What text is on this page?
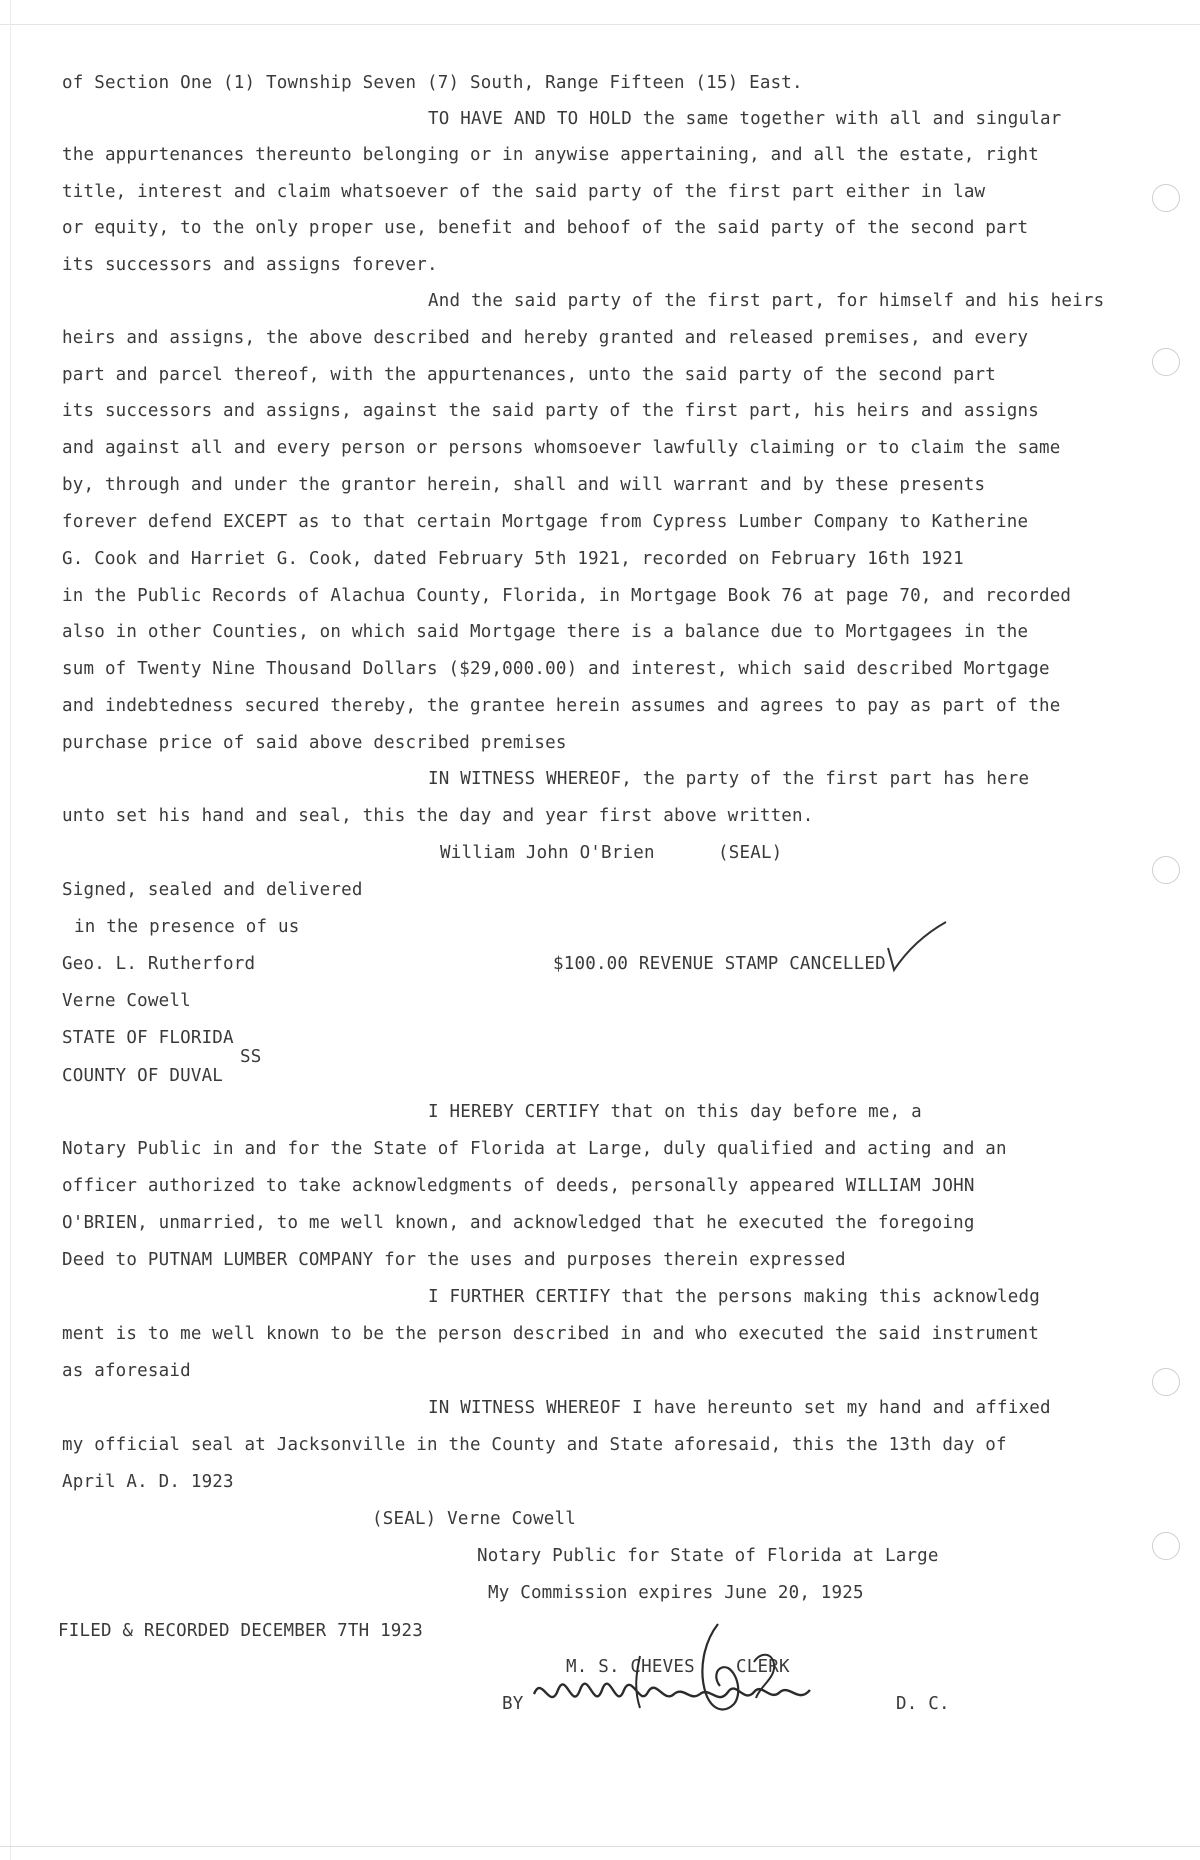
of Section One (1) Township Seven (7) South, Range Fifteen (15) East.
TO HAVE AND TO HOLD the same together with all and singular
the appurtenances thereunto belonging or in anywise appertaining, and all the estate, right
title, interest and claim whatsoever of the said party of the first part either in law
or equity, to the only proper use, benefit and behoof of the said party of the second part
its successors and assigns forever.
And the said party of the first part, for himself and his heirs
heirs and assigns, the above described and hereby granted and released premises, and every
part and parcel thereof, with the appurtenances, unto the said party of the second part
its successors and assigns, against the said party of the first part, his heirs and assigns
and against all and every person or persons whomsoever lawfully claiming or to claim the same
by, through and under the grantor herein, shall and will warrant and by these presents
forever defend EXCEPT as to that certain Mortgage from Cypress Lumber Company to Katherine
G. Cook and Harriet G. Cook, dated February 5th 1921, recorded on February 16th 1921
in the Public Records of Alachua County, Florida, in Mortgage Book 76 at page 70, and recorded
also in other Counties, on which said Mortgage there is a balance due to Mortgagees in the
sum of Twenty Nine Thousand Dollars ($29,000.00) and interest, which said described Mortgage
and indebtedness secured thereby, the grantee herein assumes and agrees to pay as part of the
purchase price of said above described premises
IN WITNESS WHEREOF, the party of the first part has here
unto set his hand and seal, this the day and year first above written.
William John O'Brien	(SEAL)
Signed, sealed and delivered
in the presence of us
Geo. L. Rutherford	$100.00 REVENUE STAMP CANCELLED
Verne Cowell
STATE OF FLORIDA
SS
COUNTY OF DUVAL
I HEREBY CERTIFY that on this day before me, a
Notary Public in and for the State of Florida at Large, duly qualified and acting and an
officer authorized to take acknowledgments of deeds, personally appeared WILLIAM JOHN
O'BRIEN, unmarried, to me well known, and acknowledged that he executed the foregoing
Deed to PUTNAM LUMBER COMPANY for the uses and purposes therein expressed
I FURTHER CERTIFY that the persons making this acknowledg
ment is to me well known to be the person described in and who executed the said instrument
as aforesaid
IN WITNESS WHEREOF I have hereunto set my hand and affixed
my official seal at Jacksonville in the County and State aforesaid, this the 13th day of
April A. D. 1923
(SEAL) Verne Cowell
Notary Public for State of Florida at Large
My Commission expires June 20, 1925
FILED & RECORDED DECEMBER 7TH 1923
M. S. CHEVES CLERK
BY	D. C.
